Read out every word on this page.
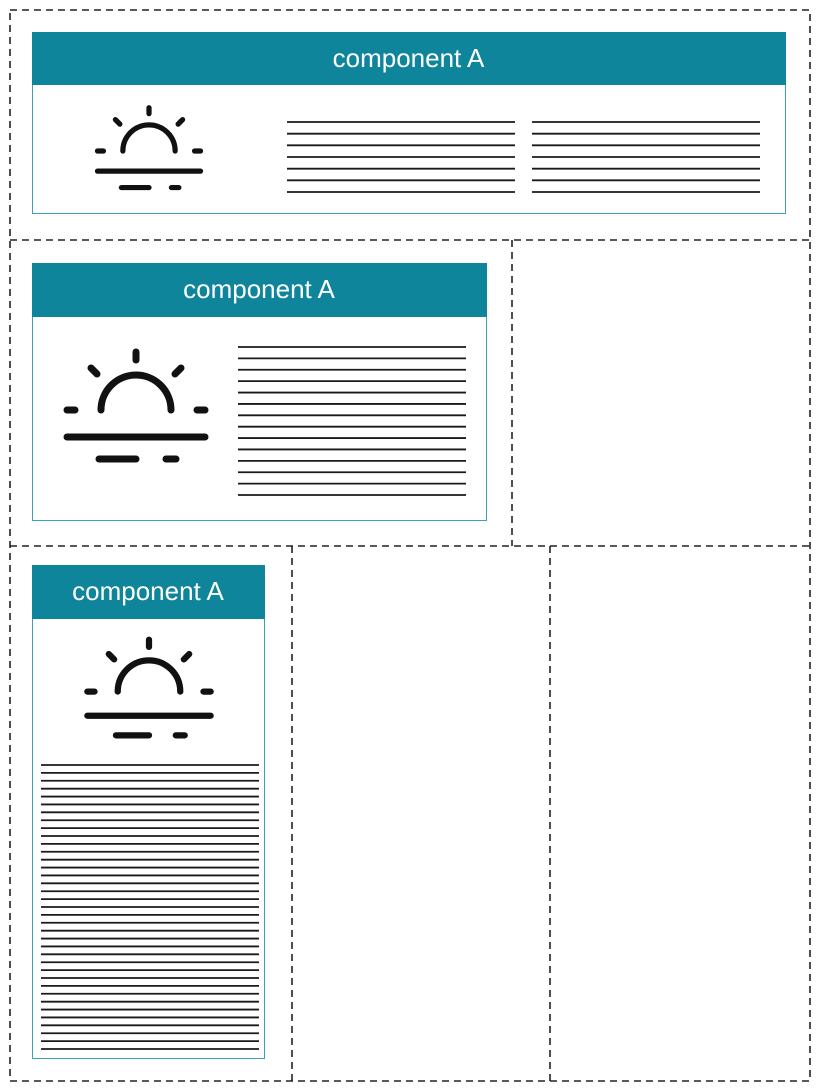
component A
component A
component A
